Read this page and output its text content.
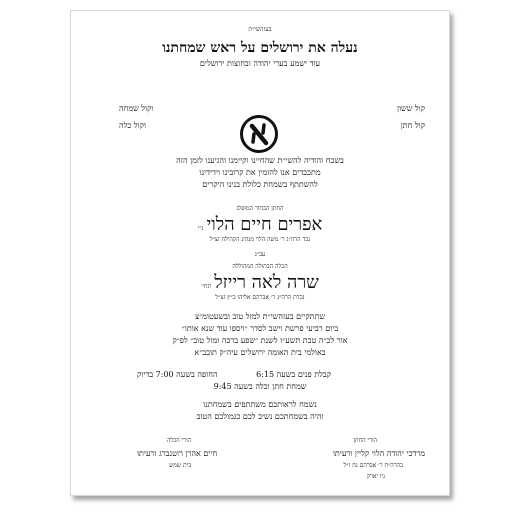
בעזהשי״ת
נעלה את ירושלים על ראש שמחתנו
עוד ישמע בערי יהודה ובחוצות ירושלים
קול ששון
קול חתן
וקול שמחה
וקול כלה
בשבח והודיה להשי״ת שהחיינו וקיימנו והגיענו לזמן הזה
מתכבדים אנו להזמין את קרובינו וידידינו
להשתתף בשמחת כלולת בנינו היקרים
החתן הבחור המופלג
אפרים חיים הלוינ״י
נכד הרה״ג ר׳ משה הלוי מנהיג הקהילה זצ״ל
עב״ג
הכלה הבתולה המהוללה
שרה לאה רייזלתחי׳
נכדת הרה״ג ר׳ אברהם אליהו כ״ץ זצ״ל
שתתקיים בעזהשי״ת למזל טוב ובשעטומ״צ
ביום רביעי פרשת וישב לסדר ״ויספו עוד שנא אותו״
אור לכ״ה טבת תשע״ו לשנת ״שפע ברכה ומזל טוב״ לפ״ק
באולמי בית האומה ירושלים עיה״ק תובב״א
קבלת פנים בשעה 6:15
החופה בשעה 7:00 בדיוק
שמחת חתן וכלה בשעה 9:45
נשמח לראותכם משתתפים בשמחתנו
והיה בשמחתכם נשיב לכם כגמולכם הטוב
הורי החתן
מרדכי יהודה הלוי קליין ורעיתו
בהרה״ח ר׳ אברהם נח ז״ל
ניו יארק
הורי הכלה
חיים אהרן רוטנברג ורעיתו
בית שמש
